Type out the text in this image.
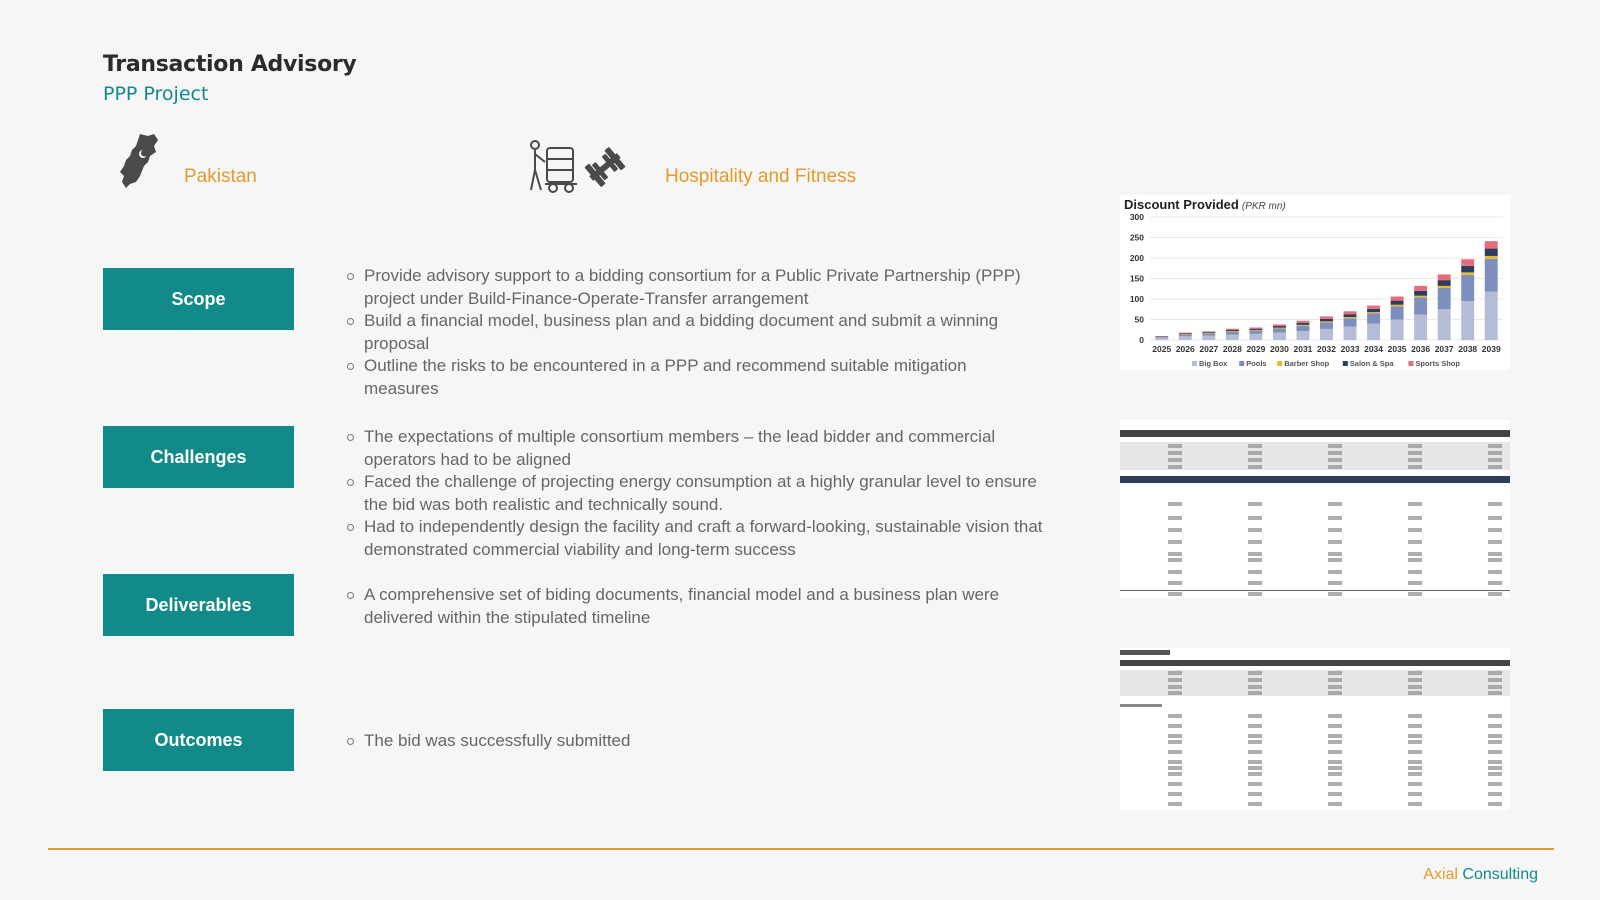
Transaction Advisory
PPP Project
Pakistan	Hospitality and Fitness
Scope
Provide advisory support to a bidding consortium for a Public Private Partnership (PPP) project under Build-Finance-Operate-Transfer arrangement
Build a financial model, business plan and a bidding document and submit a winning proposal
Outline the risks to be encountered in a PPP and recommend suitable mitigation measures
Challenges
The expectations of multiple consortium members – the lead bidder and commercial operators had to be aligned
Faced the challenge of projecting energy consumption at a highly granular level to ensure the bid was both realistic and technically sound.
Had to independently design the facility and craft a forward-looking, sustainable vision that demonstrated commercial viability and long-term success
Deliverables	A comprehensive set of biding documents, financial model and a business plan were delivered within the stipulated timeline
Outcomes	The bid was successfully submitted
Discount Provided (PKR mn)
0
50
100
150
200
250
300
2025 2026 2027 2028 2029 2030 2031 2032 2033 2034 2035 2036 2037 2038 2039
Big Box	Pools Barber Shop	Salon & Spa	Sports Shop
Axial Consulting
